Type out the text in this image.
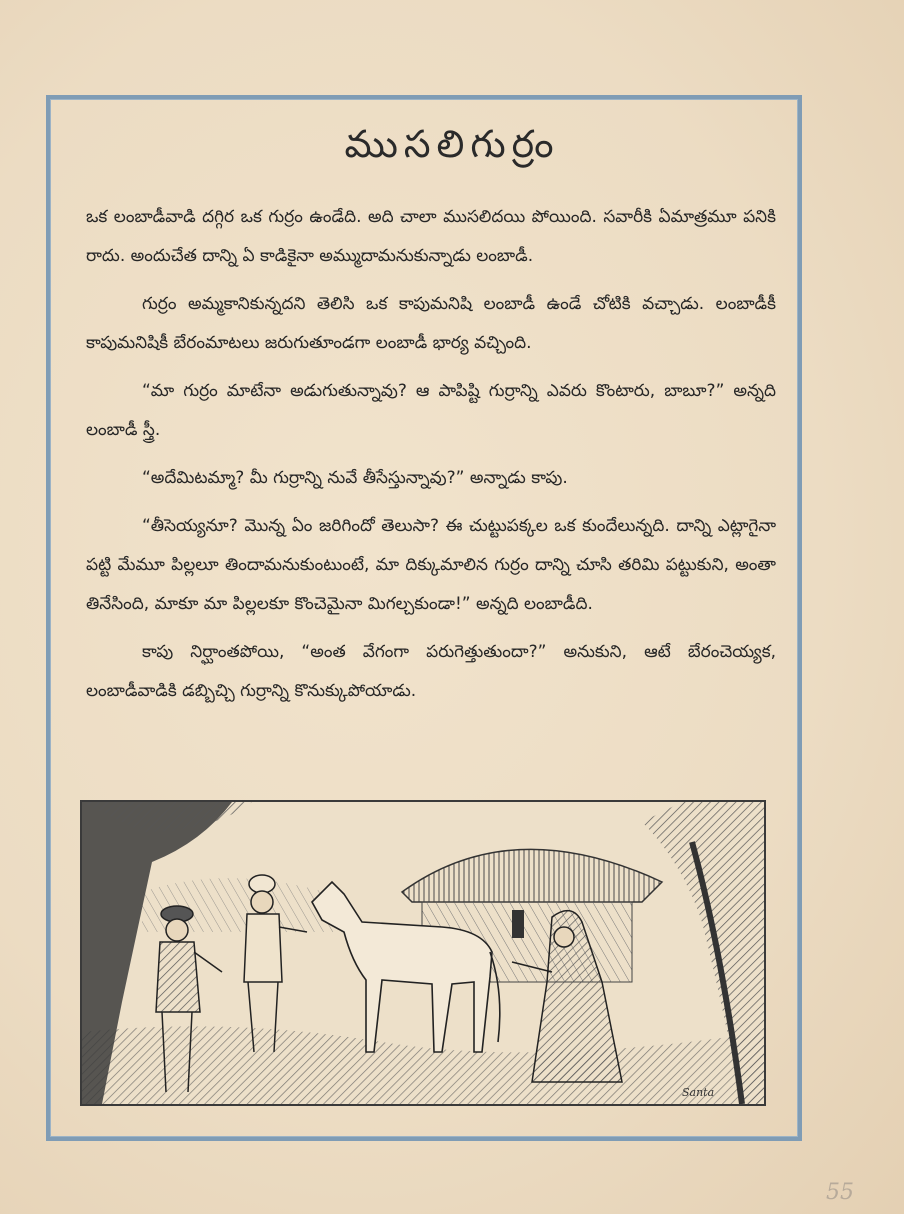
ముసలిగుర్రం

ఒక లంబాడీవాడి దగ్గిర ఒక గుర్రం ఉండేది. అది చాలా ముసలిదయి పోయింది. సవారీకి ఏమాత్రమూ పనికి రాదు. అందుచేత దాన్ని ఏ కాడికైనా అమ్ముదామనుకున్నాడు లంబాడీ.

గుర్రం అమ్మకానికున్నదని తెలిసి ఒక కాపుమనిషి లంబాడీ ఉండే చోటికి వచ్చాడు. లంబాడీకీ కాపుమనిషికీ బేరంమాటలు జరుగుతూండగా లంబాడీ భార్య వచ్చింది.

“మా గుర్రం మాటేనా అడుగుతున్నావు? ఆ పాపిష్టి గుర్రాన్ని ఎవరు కొంటారు, బాబూ?” అన్నది లంబాడీ స్త్రీ.

“అదేమిటమ్మా? మీ గుర్రాన్ని నువే తీసేస్తున్నావు?” అన్నాడు కాపు.

“తీసెయ్యనూ? మొన్న ఏం జరిగిందో తెలుసా? ఈ చుట్టుపక్కల ఒక కుందేలున్నది. దాన్ని ఎట్లాగైనా పట్టి మేమూ పిల్లలూ తిందామనుకుంటుంటే, మా దిక్కుమాలిన గుర్రం దాన్ని చూసి తరిమి పట్టుకుని, అంతా తినేసింది, మాకూ మా పిల్లలకూ కొంచెమైనా మిగల్చకుండా!” అన్నది లంబాడీది.

కాపు నిర్ఘాంతపోయి, “అంత వేగంగా పరుగెత్తుతుందా?” అనుకుని, ఆటే బేరంచెయ్యక, లంబాడీవాడికి డబ్బిచ్చి గుర్రాన్ని కొనుక్కుపోయాడు.

Santa
55
